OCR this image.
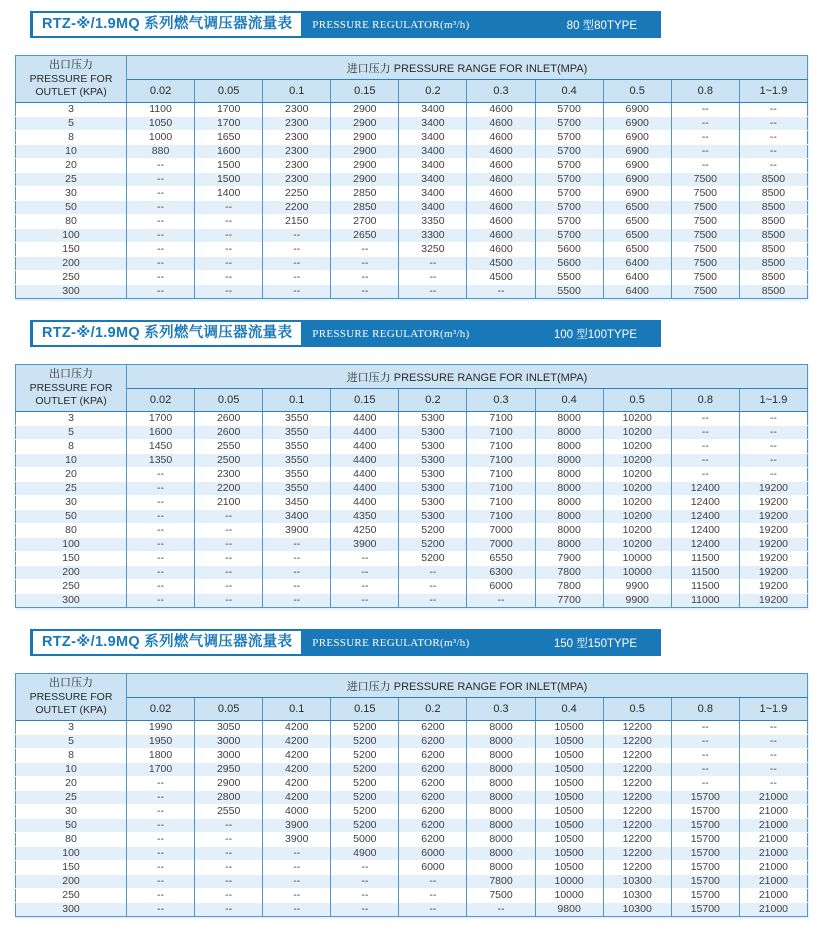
RTZ-※/1.9MQ 系列燃气调压器流量表	PRESSURE REGULATOR(m³/h)	80 型80TYPE
出口压力
PRESSURE FOR
OUTLET (KPA)	进口压力 PRESSURE RANGE FOR INLET(MPA)									
	0.02	0.05	0.1	0.15	0.2	0.3	0.4	0.5	0.8	1~1.9
3	1100	1700	2300	2900	3400	4600	5700	6900	--	--
5	1050	1700	2300	2900	3400	4600	5700	6900	--	--
8	1000	1650	2300	2900	3400	4600	5700	6900	--	--
10	880	1600	2300	2900	3400	4600	5700	6900	--	--
20	--	1500	2300	2900	3400	4600	5700	6900	--	--
25	--	1500	2300	2900	3400	4600	5700	6900	7500	8500
30	--	1400	2250	2850	3400	4600	5700	6900	7500	8500
50	--	--	2200	2850	3400	4600	5700	6500	7500	8500
80	--	--	2150	2700	3350	4600	5700	6500	7500	8500
100	--	--	--	2650	3300	4600	5700	6500	7500	8500
150	--	--	--	--	3250	4600	5600	6500	7500	8500
200	--	--	--	--	--	4500	5600	6400	7500	8500
250	--	--	--	--	--	4500	5500	6400	7500	8500
300	--	--	--	--	--	--	5500	6400	7500	8500
RTZ-※/1.9MQ 系列燃气调压器流量表	PRESSURE REGULATOR(m³/h)	100 型100TYPE
出口压力
PRESSURE FOR
OUTLET (KPA)	进口压力 PRESSURE RANGE FOR INLET(MPA)									
	0.02	0.05	0.1	0.15	0.2	0.3	0.4	0.5	0.8	1~1.9
3	1700	2600	3550	4400	5300	7100	8000	10200	--	--
5	1600	2600	3550	4400	5300	7100	8000	10200	--	--
8	1450	2550	3550	4400	5300	7100	8000	10200	--	--
10	1350	2500	3550	4400	5300	7100	8000	10200	--	--
20	--	2300	3550	4400	5300	7100	8000	10200	--	--
25	--	2200	3550	4400	5300	7100	8000	10200	12400	19200
30	--	2100	3450	4400	5300	7100	8000	10200	12400	19200
50	--	--	3400	4350	5300	7100	8000	10200	12400	19200
80	--	--	3900	4250	5200	7000	8000	10200	12400	19200
100	--	--	--	3900	5200	7000	8000	10200	12400	19200
150	--	--	--	--	5200	6550	7900	10000	11500	19200
200	--	--	--	--	--	6300	7800	10000	11500	19200
250	--	--	--	--	--	6000	7800	9900	11500	19200
300	--	--	--	--	--	--	7700	9900	11000	19200
RTZ-※/1.9MQ 系列燃气调压器流量表	PRESSURE REGULATOR(m³/h)	150 型150TYPE
出口压力
PRESSURE FOR
OUTLET (KPA)	进口压力 PRESSURE RANGE FOR INLET(MPA)									
	0.02	0.05	0.1	0.15	0.2	0.3	0.4	0.5	0.8	1~1.9
3	1990	3050	4200	5200	6200	8000	10500	12200	--	--
5	1950	3000	4200	5200	6200	8000	10500	12200	--	--
8	1800	3000	4200	5200	6200	8000	10500	12200	--	--
10	1700	2950	4200	5200	6200	8000	10500	12200	--	--
20	--	2900	4200	5200	6200	8000	10500	12200	--	--
25	--	2800	4200	5200	6200	8000	10500	12200	15700	21000
30	--	2550	4000	5200	6200	8000	10500	12200	15700	21000
50	--	--	3900	5200	6200	8000	10500	12200	15700	21000
80	--	--	3900	5000	6200	8000	10500	12200	15700	21000
100	--	--	--	4900	6000	8000	10500	12200	15700	21000
150	--	--	--	--	6000	8000	10500	12200	15700	21000
200	--	--	--	--	--	7800	10000	10300	15700	21000
250	--	--	--	--	--	7500	10000	10300	15700	21000
300	--	--	--	--	--	--	9800	10300	15700	21000
